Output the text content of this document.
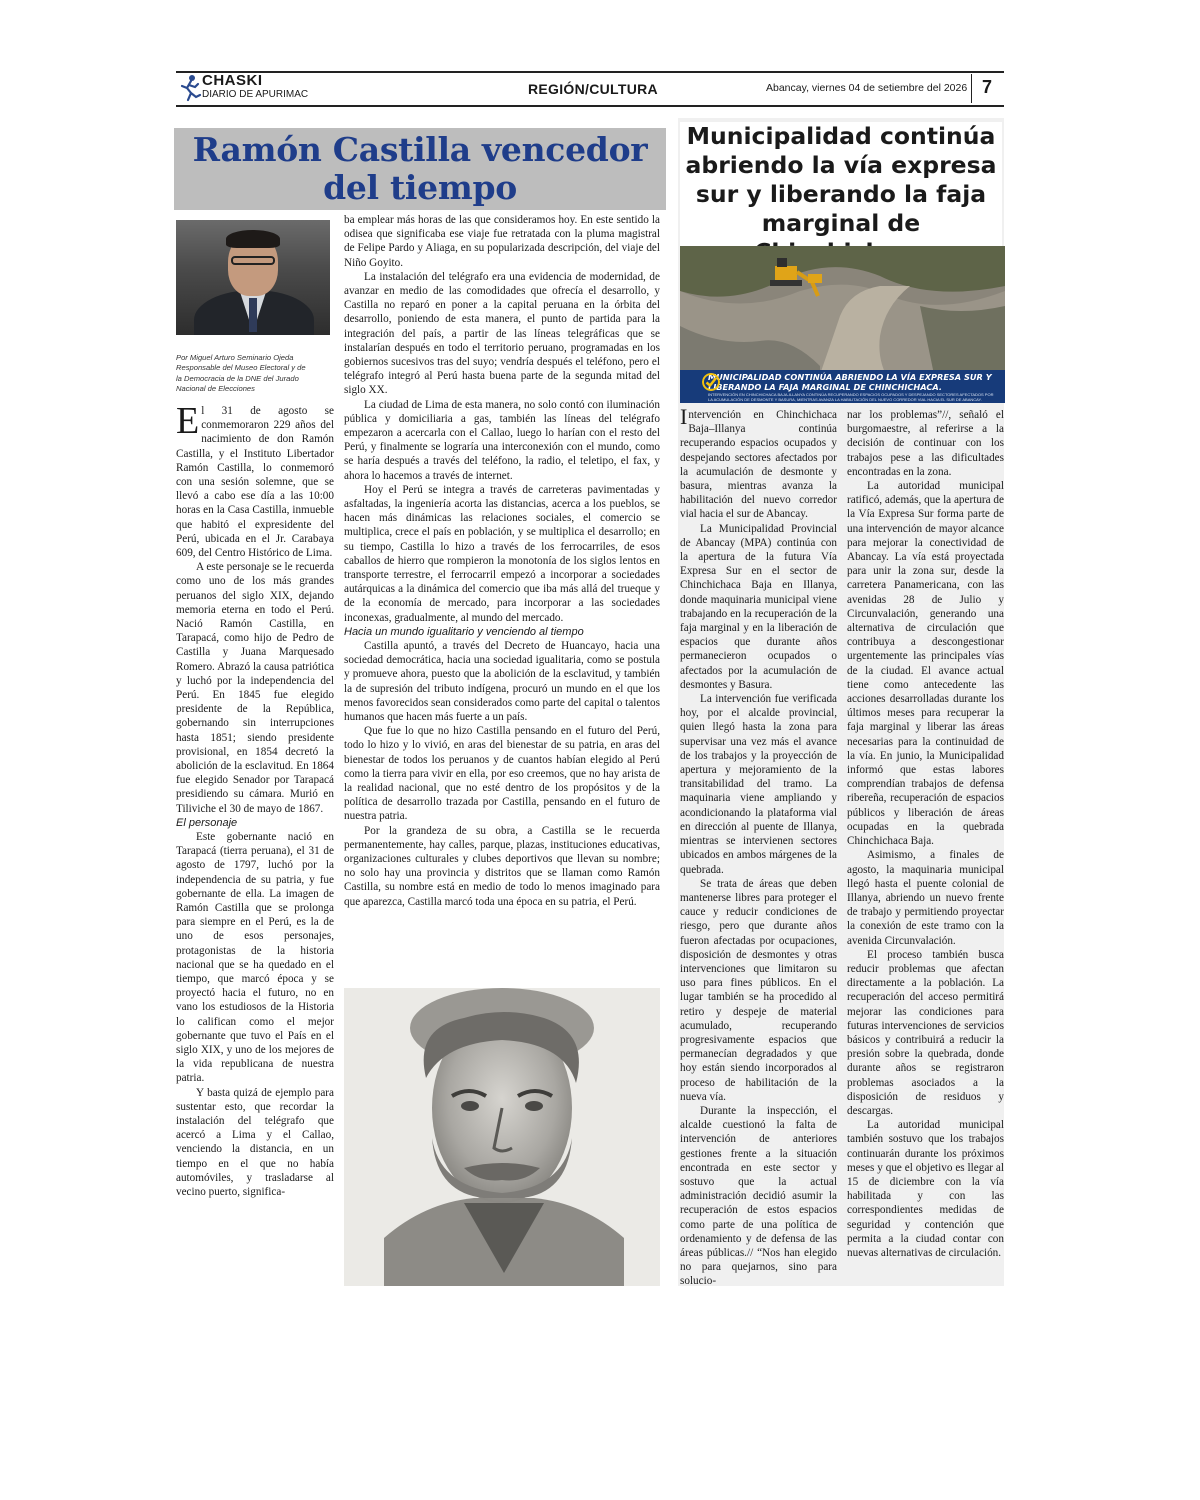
CHASKI
DIARIO DE APURIMAC	REGIÓN/CULTURA	Abancay, viernes 04 de setiembre del 2026 7
Ramón Castilla vencedor del tiempo
Por Miguel Arturo Seminario Ojeda
Responsable del Museo Electoral y de
la Democracia de la DNE del Jurado
Nacional de Elecciones

El 31 de agosto se conmemoraron 229 años del nacimiento de don Ramón Castilla, y el Instituto Libertador Ramón Castilla, lo conmemoró con una sesión solemne, que se llevó a cabo ese día a las 10:00 horas en la Casa Castilla, inmueble que habitó el expresidente del Perú, ubicada en el Jr. Carabaya 609, del Centro Histórico de Lima.

A este personaje se le recuerda como uno de los más grandes peruanos del siglo XIX, dejando memoria eterna en todo el Perú. Nació Ramón Castilla, en Tarapacá, como hijo de Pedro de Castilla y Juana Marquesado Romero. Abrazó la causa patriótica y luchó por la independencia del Perú. En 1845 fue elegido presidente de la República, gobernando sin interrupciones hasta 1851; siendo presidente provisional, en 1854 decretó la abolición de la esclavitud. En 1864 fue elegido Senador por Tarapacá presidiendo su cámara. Murió en Tiliviche el 30 de mayo de 1867.

El personaje

Este gobernante nació en Tarapacá (tierra peruana), el 31 de agosto de 1797, luchó por la independencia de su patria, y fue gobernante de ella. La imagen de Ramón Castilla que se prolonga para siempre en el Perú, es la de uno de esos personajes, protagonistas de la historia nacional que se ha quedado en el tiempo, que marcó época y se proyectó hacia el futuro, no en vano los estudiosos de la Historia lo califican como el mejor gobernante que tuvo el País en el siglo XIX, y uno de los mejores de la vida republicana de nuestra patria.

Y basta quizá de ejemplo para sustentar esto, que recordar la instalación del telégrafo que acercó a Lima y el Callao, venciendo la distancia, en un tiempo en el que no había automóviles, y trasladarse al vecino puerto, significa-

ba emplear más horas de las que consideramos hoy. En este sentido la odisea que significaba ese viaje fue retratada con la pluma magistral de Felipe Pardo y Aliaga, en su popularizada descripción, del viaje del Niño Goyito.

La instalación del telégrafo era una evidencia de modernidad, de avanzar en medio de las comodidades que ofrecía el desarrollo, y Castilla no reparó en poner a la capital peruana en la órbita del desarrollo, poniendo de esta manera, el punto de partida para la integración del país, a partir de las líneas telegráficas que se instalarían después en todo el territorio peruano, programadas en los gobiernos sucesivos tras del suyo; vendría después el teléfono, pero el telégrafo integró al Perú hasta buena parte de la segunda mitad del siglo XX.

La ciudad de Lima de esta manera, no solo contó con iluminación pública y domiciliaria a gas, también las líneas del telégrafo empezaron a acercarla con el Callao, luego lo harían con el resto del Perú, y finalmente se lograría una interconexión con el mundo, como se haría después a través del teléfono, la radio, el teletipo, el fax, y ahora lo hacemos a través de internet.

Hoy el Perú se integra a través de carreteras pavimentadas y asfaltadas, la ingeniería acorta las distancias, acerca a los pueblos, se hacen más dinámicas las relaciones sociales, el comercio se multiplica, crece el país en población, y se multiplica el desarrollo; en su tiempo, Castilla lo hizo a través de los ferrocarriles, de esos caballos de hierro que rompieron la monotonía de los siglos lentos en transporte terrestre, el ferrocarril empezó a incorporar a sociedades autárquicas a la dinámica del comercio que iba más allá del trueque y de la economía de mercado, para incorporar a las sociedades inconexas, gradualmente, al mundo del mercado.

Hacia un mundo igualitario y venciendo al tiempo

Castilla apuntó, a través del Decreto de Huancayo, hacia una sociedad democrática, hacia una sociedad igualitaria, como se postula y promueve ahora, puesto que la abolición de la esclavitud, y también la de supresión del tributo indígena, procuró un mundo en el que los menos favorecidos sean considerados como parte del capital o talentos humanos que hacen más fuerte a un país.

Que fue lo que no hizo Castilla pensando en el futuro del Perú, todo lo hizo y lo vivió, en aras del bienestar de su patria, en aras del bienestar de todos los peruanos y de cuantos habían elegido al Perú como la tierra para vivir en ella, por eso creemos, que no hay arista de la realidad nacional, que no esté dentro de los propósitos y de la política de desarrollo trazada por Castilla, pensando en el futuro de nuestra patria.

Por la grandeza de su obra, a Castilla se le recuerda permanentemente, hay calles, parque, plazas, instituciones educativas, organizaciones culturales y clubes deportivos que llevan su nombre; no solo hay una provincia y distritos que se llaman como Ramón Castilla, su nombre está en medio de todo lo menos imaginado para que aparezca, Castilla marcó toda una época en su patria, el Perú.

Municipalidad continúa abriendo la vía expresa sur y liberando la faja marginal de
MUNICIPALIDAD CONTINÚA ABRIENDO LA VÍA EXPRESA SUR Y LIBERANDO LA FAJA MARGINAL DE CHINCHICHACA.
INTERVENCIÓN EN CHINCHICHACA BAJA-ILLANYA CONTINÚA RECUPERANDO ESPACIOS OCUPADOS Y DESPEJANDO SECTORES AFECTADOS POR LA ACUMULACIÓN DE DESMONTE Y BASURA, MIENTRAS AVANZA LA HABILITACIÓN DEL NUEVO CORREDOR VIAL HACIA EL SUR DE ABANCAY.

Intervención en Chinchichaca Baja–Illanya continúa recuperando espacios ocupados y despejando sectores afectados por la acumulación de desmonte y basura, mientras avanza la habilitación del nuevo corredor vial hacia el sur de Abancay.

La Municipalidad Provincial de Abancay (MPA) continúa con la apertura de la futura Vía Expresa Sur en el sector de Chinchichaca Baja en Illanya, donde maquinaria municipal viene trabajando en la recuperación de la faja marginal y en la liberación de espacios que durante años permanecieron ocupados o afectados por la acumulación de desmontes y Basura.

La intervención fue verificada hoy, por el alcalde provincial, quien llegó hasta la zona para supervisar una vez más el avance de los trabajos y la proyección de apertura y mejoramiento de la transitabilidad del tramo. La maquinaria viene ampliando y acondicionando la plataforma vial en dirección al puente de Illanya, mientras se intervienen sectores ubicados en ambos márgenes de la quebrada.

Se trata de áreas que deben mantenerse libres para proteger el cauce y reducir condiciones de riesgo, pero que durante años fueron afectadas por ocupaciones, disposición de desmontes y otras intervenciones que limitaron su uso para fines públicos. En el lugar también se ha procedido al retiro y despeje de material acumulado, recuperando progresivamente espacios que permanecían degradados y que hoy están siendo incorporados al proceso de habilitación de la nueva vía.

Durante la inspección, el alcalde cuestionó la falta de intervención de anteriores gestiones frente a la situación encontrada en este sector y sostuvo que la actual administración decidió asumir la recuperación de estos espacios como parte de una política de ordenamiento y de defensa de las áreas públicas.// “Nos han elegido no para quejarnos, sino para solucio-

nar los problemas”//, señaló el burgomaestre, al referirse a la decisión de continuar con los trabajos pese a las dificultades encontradas en la zona.

La autoridad municipal ratificó, además, que la apertura de la Vía Expresa Sur forma parte de una intervención de mayor alcance para mejorar la conectividad de Abancay. La vía está proyectada para unir la zona sur, desde la carretera Panamericana, con las avenidas 28 de Julio y Circunvalación, generando una alternativa de circulación que contribuya a descongestionar urgentemente las principales vías de la ciudad. El avance actual tiene como antecedente las acciones desarrolladas durante los últimos meses para recuperar la faja marginal y liberar las áreas necesarias para la continuidad de la vía. En junio, la Municipalidad informó que estas labores comprendían trabajos de defensa ribereña, recuperación de espacios públicos y liberación de áreas ocupadas en la quebrada Chinchichaca Baja.

Asimismo, a finales de agosto, la maquinaria municipal llegó hasta el puente colonial de Illanya, abriendo un nuevo frente de trabajo y permitiendo proyectar la conexión de este tramo con la avenida Circunvalación.

El proceso también busca reducir problemas que afectan directamente a la población. La recuperación del acceso permitirá mejorar las condiciones para futuras intervenciones de servicios básicos y contribuirá a reducir la presión sobre la quebrada, donde durante años se registraron problemas asociados a la disposición de residuos y descargas.

La autoridad municipal también sostuvo que los trabajos continuarán durante los próximos meses y que el objetivo es llegar al 15 de diciembre con la vía habilitada y con las correspondientes medidas de seguridad y contención que permita a la ciudad contar con nuevas alternativas de circulación.
